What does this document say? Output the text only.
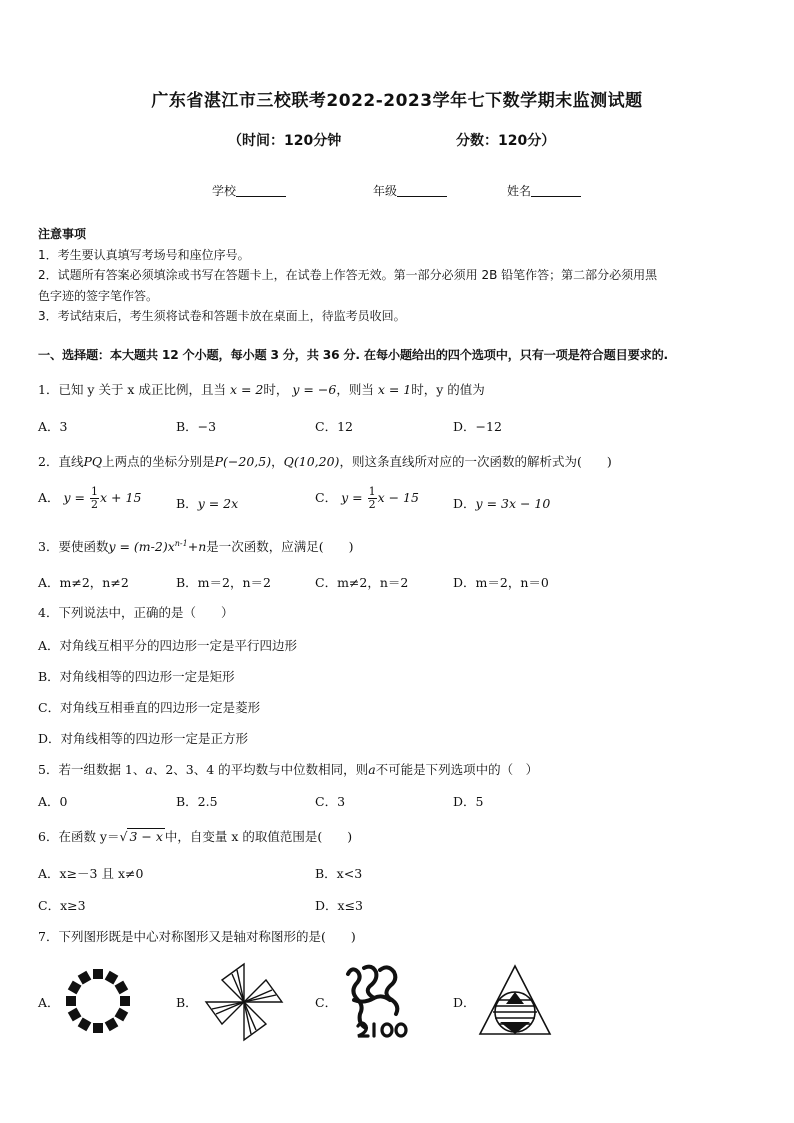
广东省湛江市三校联考2022-2023学年七下数学期末监测试题
（时间：120分钟	分数：120分）
学校	年级	姓名
注意事项
1．考生要认真填写考场号和座位序号。
2．试题所有答案必须填涂或书写在答题卡上，在试卷上作答无效。第一部分必须用 2B 铅笔作答；第二部分必须用黑
色字迹的签字笔作答。
3．考试结束后，考生须将试卷和答题卡放在桌面上，待监考员收回。
一、选择题：本大题共 12 个小题，每小题 3 分，共 36 分. 在每小题给出的四个选项中，只有一项是符合题目要求的.
1．已知 y 关于 x 成正比例，且当 x = 2时， y = −6，则当 x = 1时，y 的值为
A．3	B．−3	C．12	D．−12
2．直线PQ上两点的坐标分别是P(−20,5)，Q(10,20)，则这条直线所对应的一次函数的解析式为(　　)
A． $y = \frac{1}{2}$ x + 15	B．y = 2x	C． $y = \frac{1}{2}$ x − 15	D．y = 3x − 10
3．要使函数$y = (m-2)x^{n-1}+n$是一次函数，应满足(　　)
A．m≠2，n≠2	B．m＝2，n＝2	C．m≠2，n＝2	D．m＝2，n＝0
4．下列说法中，正确的是（　　）
A．对角线互相平分的四边形一定是平行四边形
B．对角线相等的四边形一定是矩形
C．对角线互相垂直的四边形一定是菱形
D．对角线相等的四边形一定是正方形
5．若一组数据 1、a、2、3、4 的平均数与中位数相同，则a不可能是下列选项中的（　）
A．0	B．2.5	C．3	D．5
6．在函数 y＝√ 3 − x 中，自变量 x 的取值范围是(　　)
A．x≥－3 且 x≠0	B．x<3
C．x≥3	D．x≤3
7．下列图形既是中心对称图形又是轴对称图形的是(　　)
A．	B．	C．	D．
